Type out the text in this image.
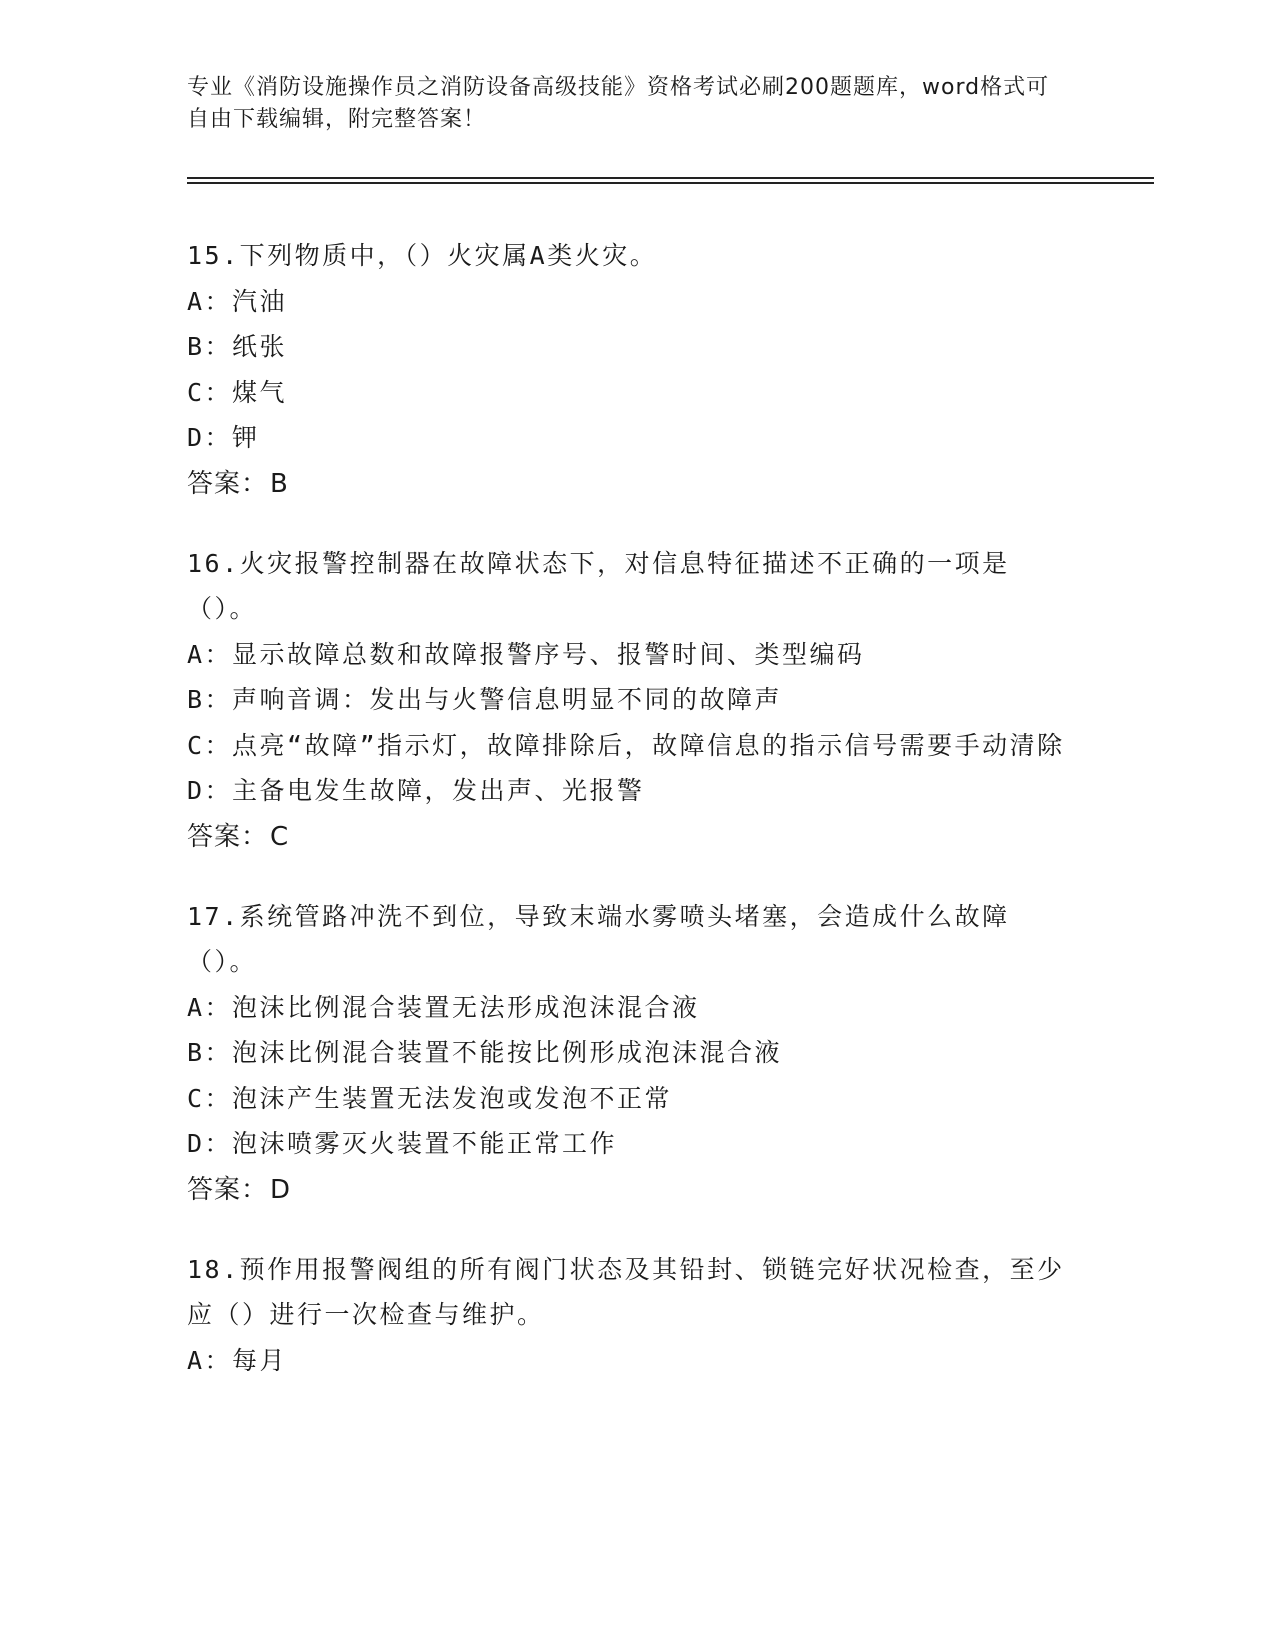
专业《消防设施操作员之消防设备高级技能》资格考试必刷200题题库，word格式可自由下载编辑，附完整答案！
15.下列物质中，（）火灾属A类火灾。
A：汽油
B：纸张
C：煤气
D：钾
答案：B
16.火灾报警控制器在故障状态下，对信息特征描述不正确的一项是（）。
A：显示故障总数和故障报警序号、报警时间、类型编码
B：声响音调：发出与火警信息明显不同的故障声
C：点亮“故障”指示灯，故障排除后，故障信息的指示信号需要手动清除
D：主备电发生故障，发出声、光报警
答案：C
17.系统管路冲洗不到位，导致末端水雾喷头堵塞，会造成什么故障（）。
A：泡沫比例混合装置无法形成泡沫混合液
B：泡沫比例混合装置不能按比例形成泡沫混合液
C：泡沫产生装置无法发泡或发泡不正常
D：泡沫喷雾灭火装置不能正常工作
答案：D
18.预作用报警阀组的所有阀门状态及其铅封、锁链完好状况检查，至少应（）进行一次检查与维护。
A：每月
